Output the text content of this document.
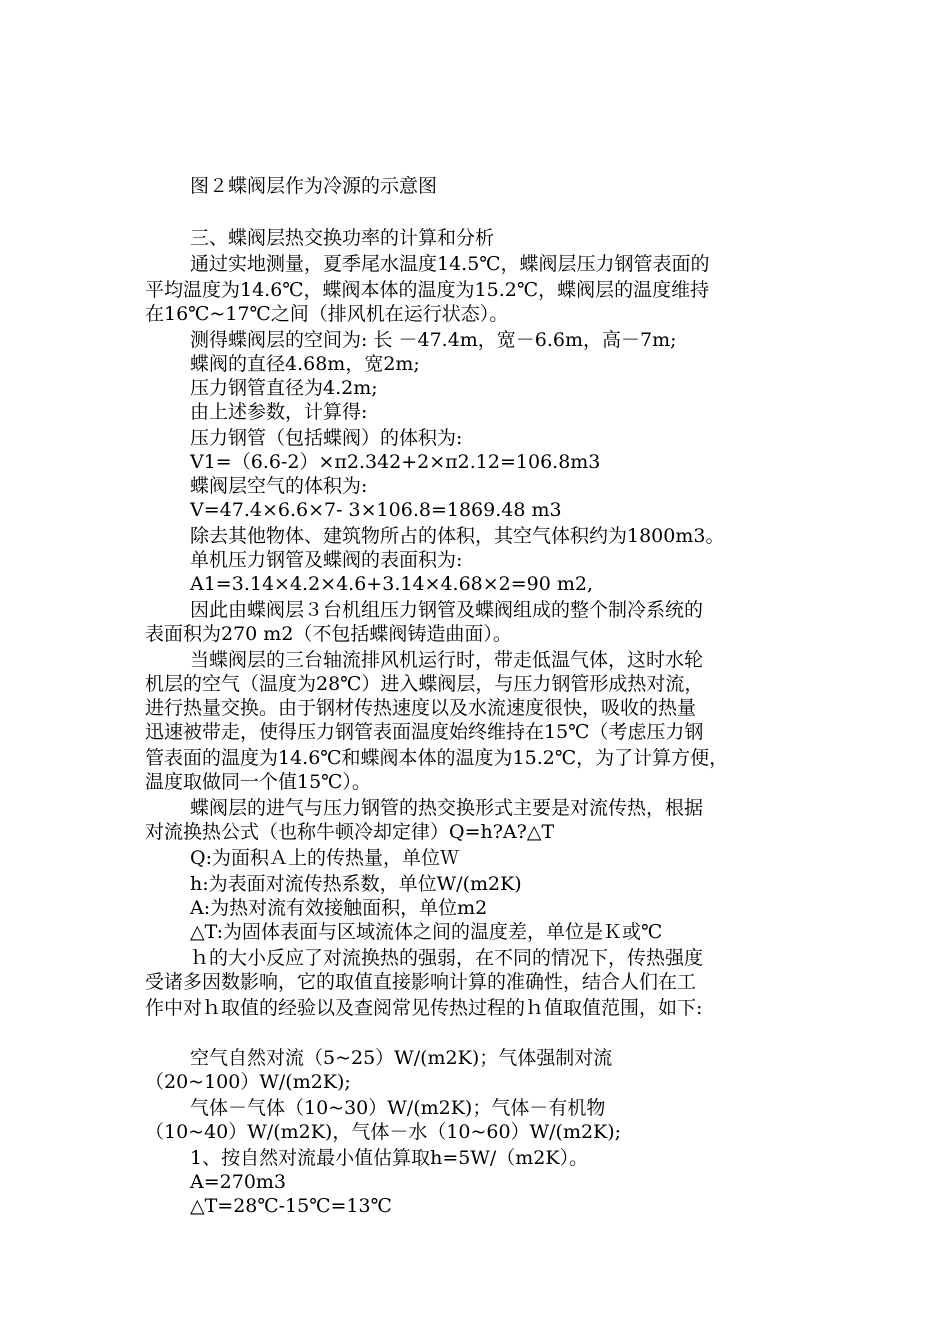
图２蝶阀层作为冷源的示意图
三、蝶阀层热交换功率的计算和分析
通过实地测量，夏季尾水温度14.5℃，蝶阀层压力钢管表面的
平均温度为14.6℃，蝶阀本体的温度为15.2℃，蝶阀层的温度维持
在16℃~17℃之间（排风机在运行状态）。
测得蝶阀层的空间为: 长 －47.4m，宽－6.6m，高－7m;
蝶阀的直径4.68m，宽2m;
压力钢管直径为4.2m;
由上述参数，计算得:
压力钢管（包括蝶阀）的体积为:
V1=（6.6-2）×π2.342+2×π2.12=106.8m3
蝶阀层空气的体积为:
V=47.4×6.6×7- 3×106.8=1869.48 m3
除去其他物体、建筑物所占的体积，其空气体积约为1800m3。
单机压力钢管及蝶阀的表面积为:
A1=3.14×4.2×4.6+3.14×4.68×2=90 m2,
因此由蝶阀层３台机组压力钢管及蝶阀组成的整个制冷系统的
表面积为270 m2（不包括蝶阀铸造曲面）。
当蝶阀层的三台轴流排风机运行时，带走低温气体，这时水轮
机层的空气（温度为28℃）进入蝶阀层，与压力钢管形成热对流，
进行热量交换。由于钢材传热速度以及水流速度很快，吸收的热量
迅速被带走，使得压力钢管表面温度始终维持在15℃（考虑压力钢
管表面的温度为14.6℃和蝶阀本体的温度为15.2℃，为了计算方便，
温度取做同一个值15℃）。
蝶阀层的进气与压力钢管的热交换形式主要是对流传热，根据
对流换热公式（也称牛顿冷却定律）Q=h?A?△T
Q:为面积Ａ上的传热量，单位Ｗ
h:为表面对流传热系数，单位W/(m2K)
A:为热对流有效接触面积，单位m2
△T:为固体表面与区域流体之间的温度差，单位是Ｋ或℃
ｈ的大小反应了对流换热的强弱，在不同的情况下，传热强度
受诸多因数影响，它的取值直接影响计算的准确性，结合人们在工
作中对ｈ取值的经验以及查阅常见传热过程的ｈ值取值范围，如下:
空气自然对流（5~25）W/(m2K)；气体强制对流
（20~100）W/(m2K);
气体－气体（10~30）W/(m2K)；气体－有机物
（10~40）W/(m2K)，气体－水（10~60）W/(m2K);
1、按自然对流最小值估算取h=5W/（m2K）。
A=270m3
△T=28℃-15℃=13℃
